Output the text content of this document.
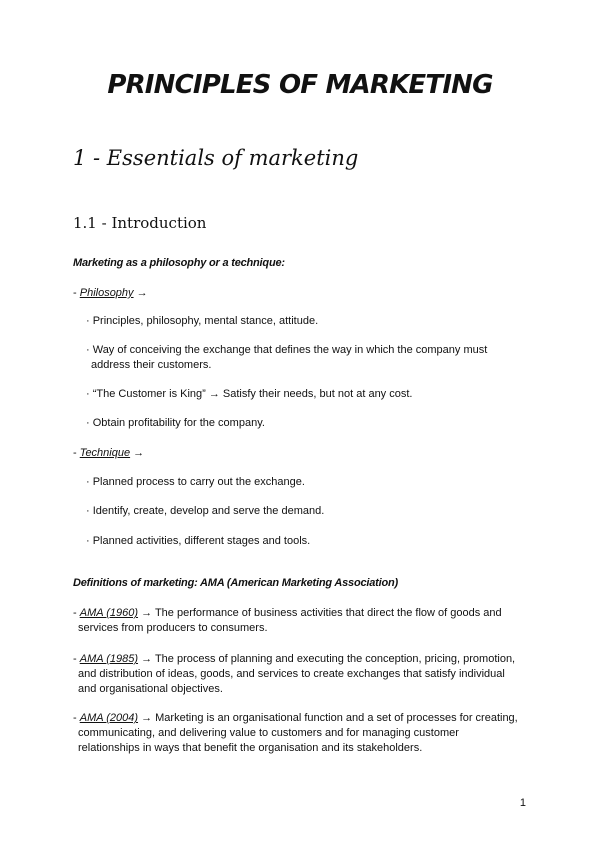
PRINCIPLES OF MARKETING
1 - Essentials of marketing
1.1 - Introduction

Marketing as a philosophy or a technique:

- Philosophy →

· Principles, philosophy, mental stance, attitude.

· Way of conceiving the exchange that defines the way in which the company must

address their customers.

· “The Customer is King” → Satisfy their needs, but not at any cost.

· Obtain profitability for the company.

- Technique →

· Planned process to carry out the exchange.

· Identify, create, develop and serve the demand.

· Planned activities, different stages and tools.

Definitions of marketing: AMA (American Marketing Association)

- AMA (1960) → The performance of business activities that direct the flow of goods and
services from producers to consumers.

- AMA (1985) → The process of planning and executing the conception, pricing, promotion,
and distribution of ideas, goods, and services to create exchanges that satisfy individual
and organisational objectives.

- AMA (2004) → Marketing is an organisational function and a set of processes for creating,
communicating, and delivering value to customers and for managing customer
relationships in ways that benefit the organisation and its stakeholders.

1
